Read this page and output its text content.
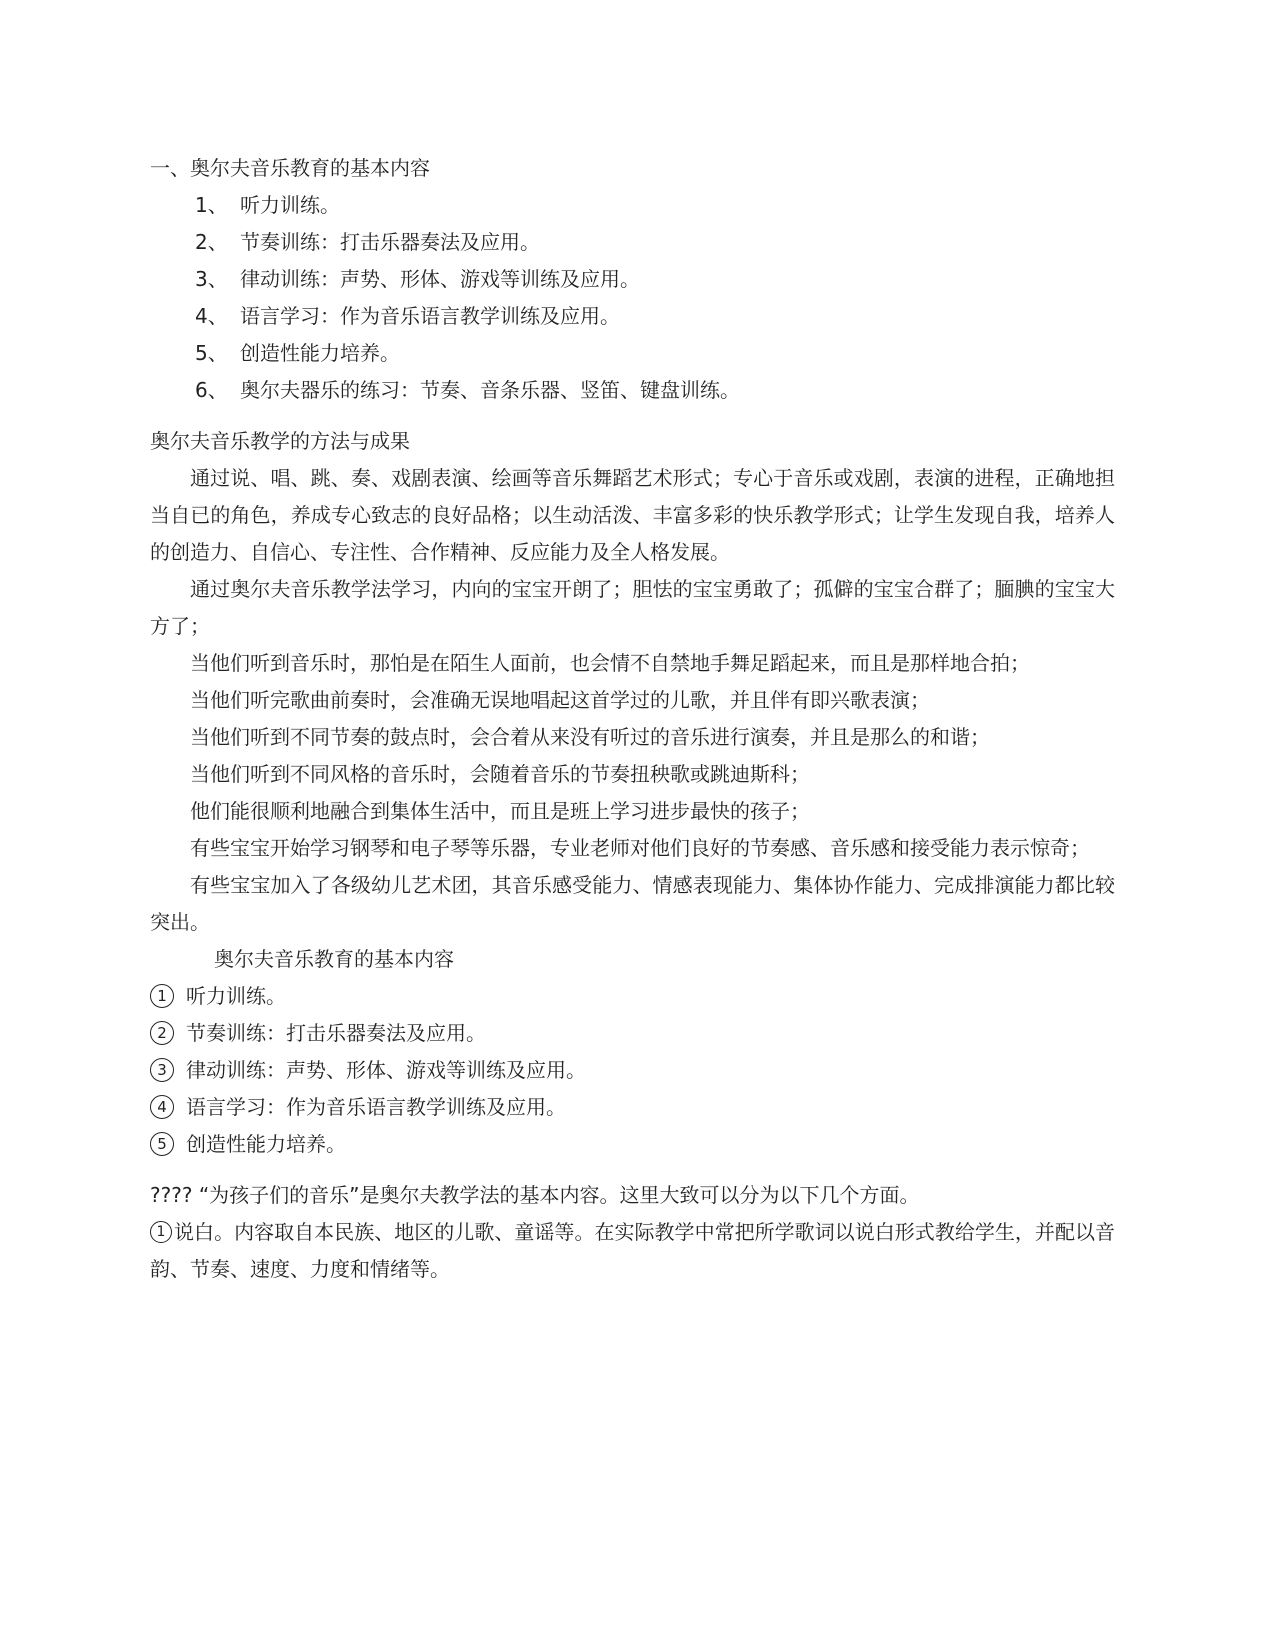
一、奥尔夫音乐教育的基本内容
1、 听力训练。
2、 节奏训练：打击乐器奏法及应用。
3、 律动训练：声势、形体、游戏等训练及应用。
4、 语言学习：作为音乐语言教学训练及应用。
5、 创造性能力培养。
6、 奥尔夫器乐的练习：节奏、音条乐器、竖笛、键盘训练。
奥尔夫音乐教学的方法与成果

通过说、唱、跳、奏、戏剧表演、绘画等音乐舞蹈艺术形式；专心于音乐或戏剧，表演的进程，正确地担当自已的角色，养成专心致志的良好品格；以生动活泼、丰富多彩的快乐教学形式；让学生发现自我，培养人的创造力、自信心、专注性、合作精神、反应能力及全人格发展。

通过奥尔夫音乐教学法学习，内向的宝宝开朗了；胆怯的宝宝勇敢了；孤僻的宝宝合群了；腼腆的宝宝大方了；

当他们听到音乐时，那怕是在陌生人面前，也会情不自禁地手舞足蹈起来，而且是那样地合拍；

当他们听完歌曲前奏时，会准确无误地唱起这首学过的儿歌，并且伴有即兴歌表演；

当他们听到不同节奏的鼓点时，会合着从来没有听过的音乐进行演奏，并且是那么的和谐；

当他们听到不同风格的音乐时，会随着音乐的节奏扭秧歌或跳迪斯科；

他们能很顺利地融合到集体生活中，而且是班上学习进步最快的孩子；

有些宝宝开始学习钢琴和电子琴等乐器，专业老师对他们良好的节奏感、音乐感和接受能力表示惊奇；

有些宝宝加入了各级幼儿艺术团，其音乐感受能力、情感表现能力、集体协作能力、完成排演能力都比较突出。

奥尔夫音乐教育的基本内容
1 听力训练。
2 节奏训练：打击乐器奏法及应用。
3 律动训练：声势、形体、游戏等训练及应用。
4 语言学习：作为音乐语言教学训练及应用。
5 创造性能力培养。
???? “为孩子们的音乐”是奥尔夫教学法的基本内容。这里大致可以分为以下几个方面。

1 说白。内容取自本民族、地区的儿歌、童谣等。在实际教学中常把所学歌词以说白形式教给学生，并配以音韵、节奏、速度、力度和情绪等。
